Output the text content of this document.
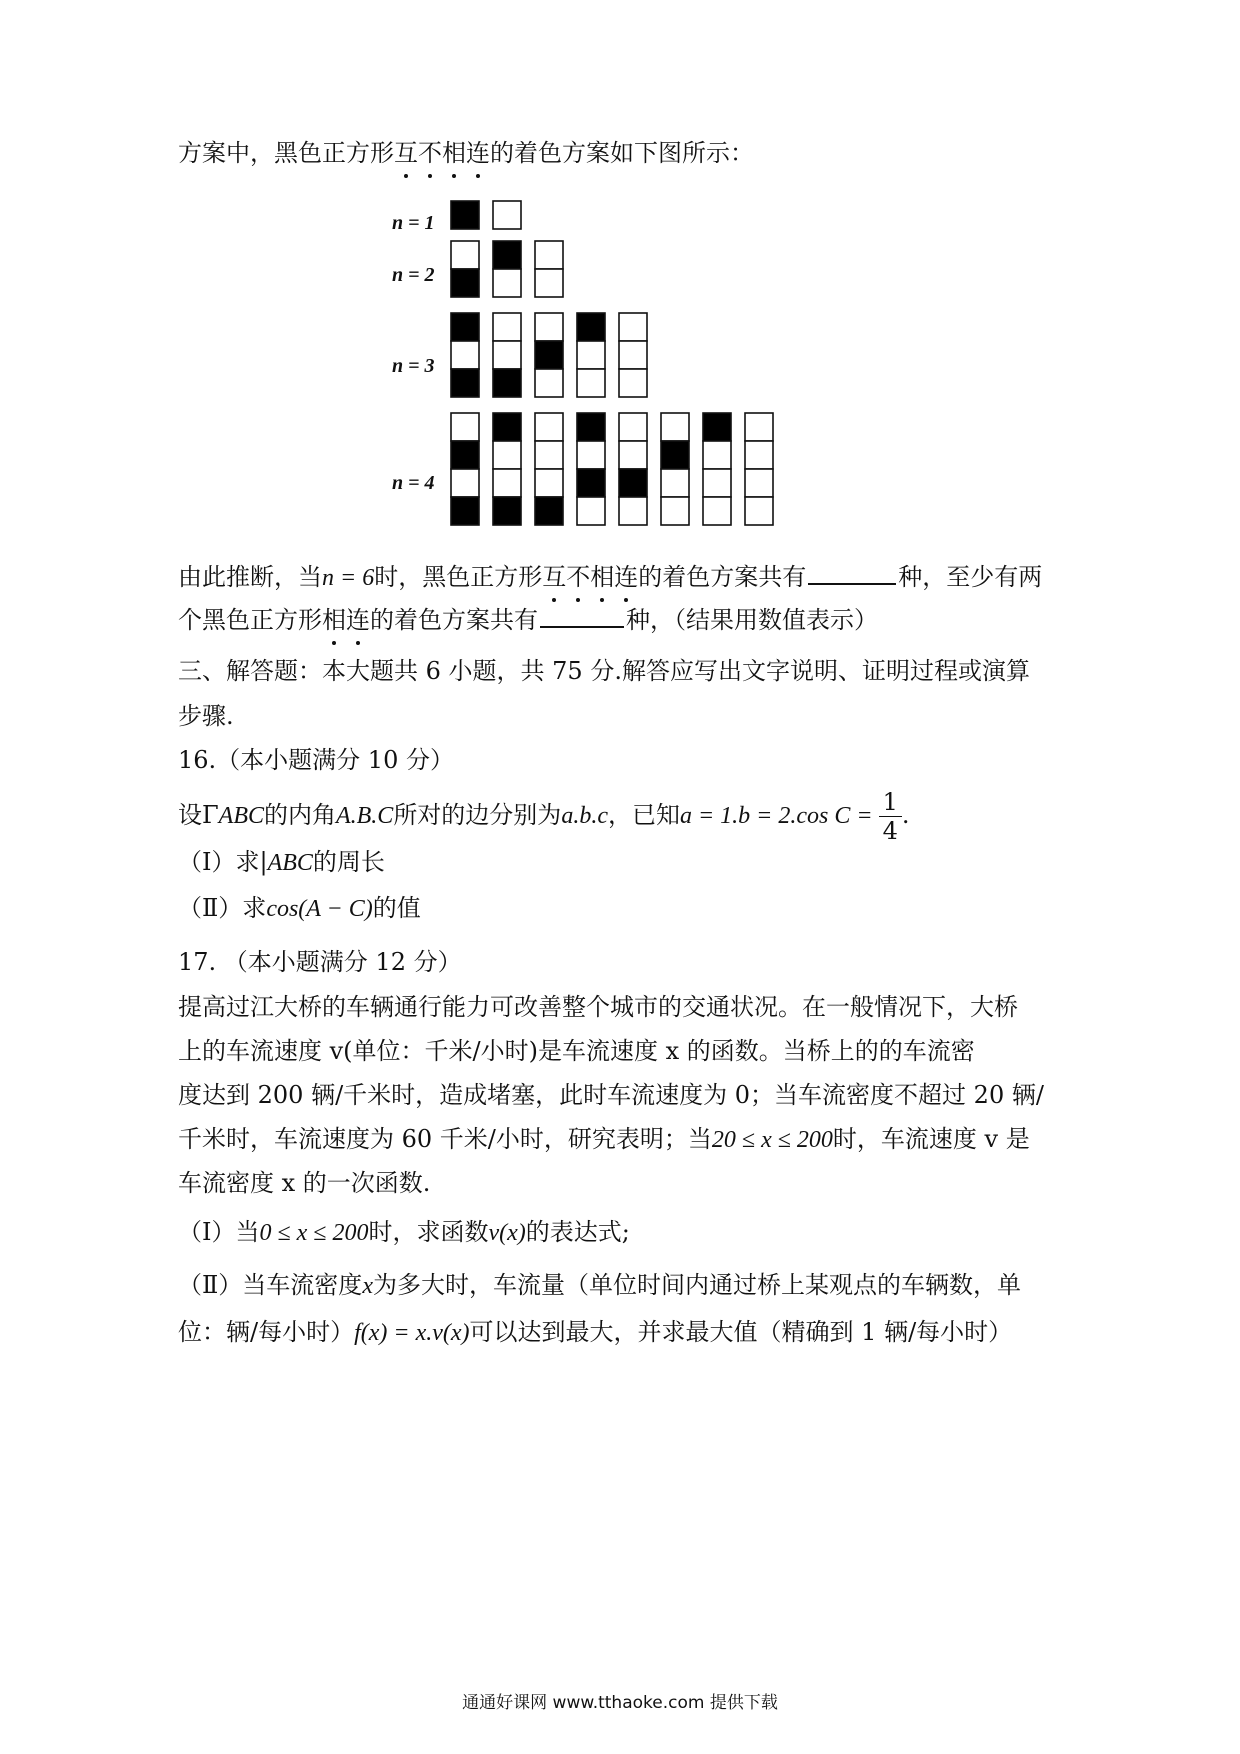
方案中，黑色正方形互不相连的着色方案如下图所示：
n = 1
n = 2
n = 3
n = 4
由此推断，当n = 6时，黑色正方形互不相连的着色方案共有	种，至少有两
个黑色正方形相连的着色方案共有	种，（结果用数值表示）
三、解答题：本大题共 6 小题，共 75 分.解答应写出文字说明、证明过程或演算
步骤.
16.（本小题满分 10 分）
设ΓABC的内角A.B.C所对的边分别为a.b.c，已知a = 1.b = 2.cos $C = \frac{1}{4}$ .
（Ⅰ）求|ABC的周长
（Ⅱ）求cos(A − C)的值
17. （本小题满分 12 分）
提高过江大桥的车辆通行能力可改善整个城市的交通状况。在一般情况下，大桥
上的车流速度 v(单位：千米/小时)是车流速度 x 的函数。当桥上的的车流密
度达到 200 辆/千米时，造成堵塞，此时车流速度为 0；当车流密度不超过 20 辆/
千米时，车流速度为 60 千米/小时，研究表明；当20 ≤ x ≤ 200时，车流速度 v 是
车流密度 x 的一次函数.
（Ⅰ）当0 ≤ x ≤ 200时，求函数v(x)的表达式;
（Ⅱ）当车流密度x为多大时，车流量（单位时间内通过桥上某观点的车辆数，单
位：辆/每小时）f(x) = x.v(x)可以达到最大，并求最大值（精确到 1 辆/每小时）
通通好课网 www.tthaoke.com 提供下载
